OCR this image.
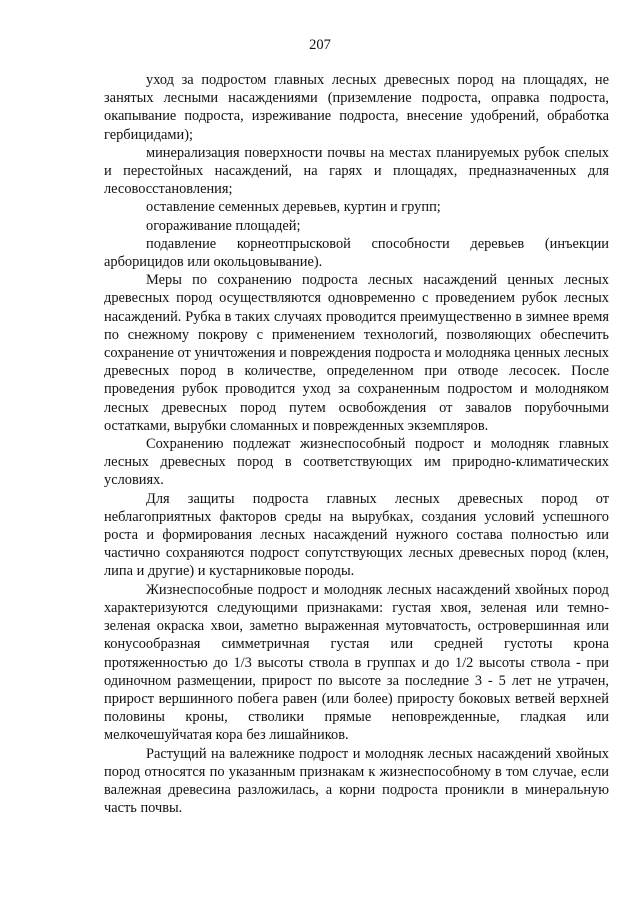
207

уход за подростом главных лесных древесных пород на площадях, не занятых лесными насаждениями (приземление подроста, оправка подроста, окапывание подроста, изреживание подроста, внесение удобрений, обработка гербицидами);

минерализация поверхности почвы на местах планируемых рубок спелых и перестойных насаждений, на гарях и площадях, предназначенных для лесовосстановления;

оставление семенных деревьев, куртин и групп;

огораживание площадей;

подавление корнеотпрысковой способности деревьев (инъекции арборицидов или окольцовывание).

Меры по сохранению подроста лесных насаждений ценных лесных древесных пород осуществляются одновременно с проведением рубок лесных насаждений. Рубка в таких случаях проводится преимущественно в зимнее время по снежному покрову с применением технологий, позволяющих обеспечить сохранение от уничтожения и повреждения подроста и молодняка ценных лесных древесных пород в количестве, определенном при отводе лесосек. После проведения рубок проводится уход за сохраненным подростом и молодняком лесных древесных пород путем освобождения от завалов порубочными остатками, вырубки сломанных и поврежденных экземпляров.

Сохранению подлежат жизнеспособный подрост и молодняк главных лесных древесных пород в соответствующих им природно-климатических условиях.

Для защиты подроста главных лесных древесных пород от неблагоприятных факторов среды на вырубках, создания условий успешного роста и формирования лесных насаждений нужного состава полностью или частично сохраняются подрост сопутствующих лесных древесных пород (клен, липа и другие) и кустарниковые породы.

Жизнеспособные подрост и молодняк лесных насаждений хвойных пород характеризуются следующими признаками: густая хвоя, зеленая или темно-зеленая окраска хвои, заметно выраженная мутовчатость, островершинная или конусообразная симметричная густая или средней густоты крона протяженностью до 1/3 высоты ствола в группах и до 1/2 высоты ствола - при одиночном размещении, прирост по высоте за последние 3 - 5 лет не утрачен, прирост вершинного побега равен (или более) приросту боковых ветвей верхней половины кроны, стволики прямые неповрежденные, гладкая или мелкочешуйчатая кора без лишайников.

Растущий на валежнике подрост и молодняк лесных насаждений хвойных пород относятся по указанным признакам к жизнеспособному в том случае, если валежная древесина разложилась, а корни подроста проникли в минеральную часть почвы.
